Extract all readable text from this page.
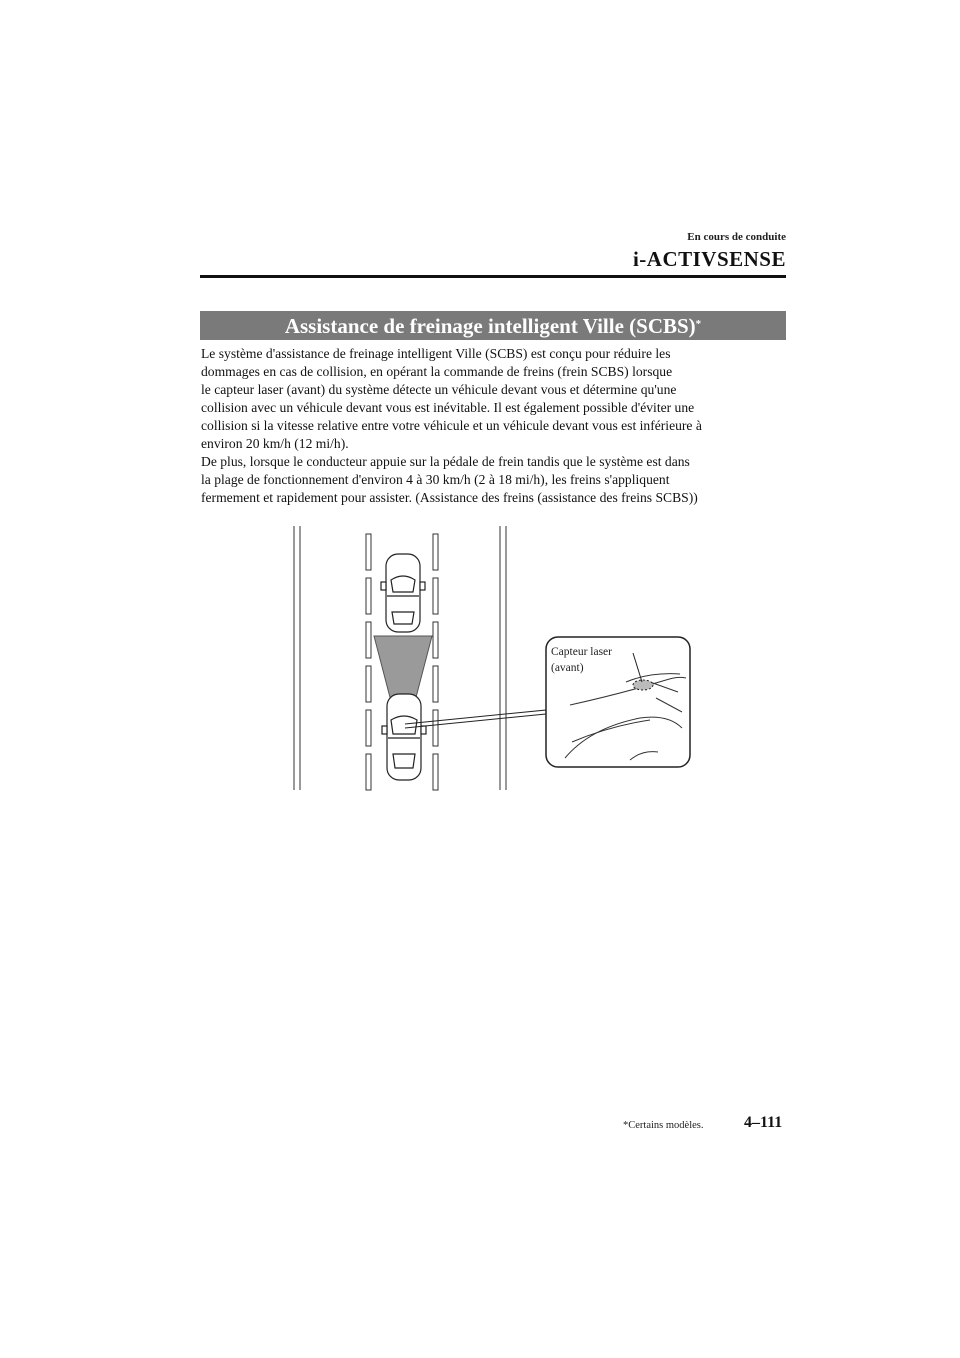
En cours de conduite
i-ACTIVSENSE
Assistance de freinage intelligent Ville (SCBS)*
Le système d'assistance de freinage intelligent Ville (SCBS) est conçu pour réduire les
dommages en cas de collision, en opérant la commande de freins (frein SCBS) lorsque
le capteur laser (avant) du système détecte un véhicule devant vous et détermine qu'une
collision avec un véhicule devant vous est inévitable. Il est également possible d'éviter une
collision si la vitesse relative entre votre véhicule et un véhicule devant vous est inférieure à
environ 20 km/h (12 mi/h).
De plus, lorsque le conducteur appuie sur la pédale de frein tandis que le système est dans
la plage de fonctionnement d'environ 4 à 30 km/h (2 à 18 mi/h), les freins s'appliquent
fermement et rapidement pour assister. (Assistance des freins (assistance des freins SCBS))
Capteur laser
(avant)
*Certains modèles.	4–111
